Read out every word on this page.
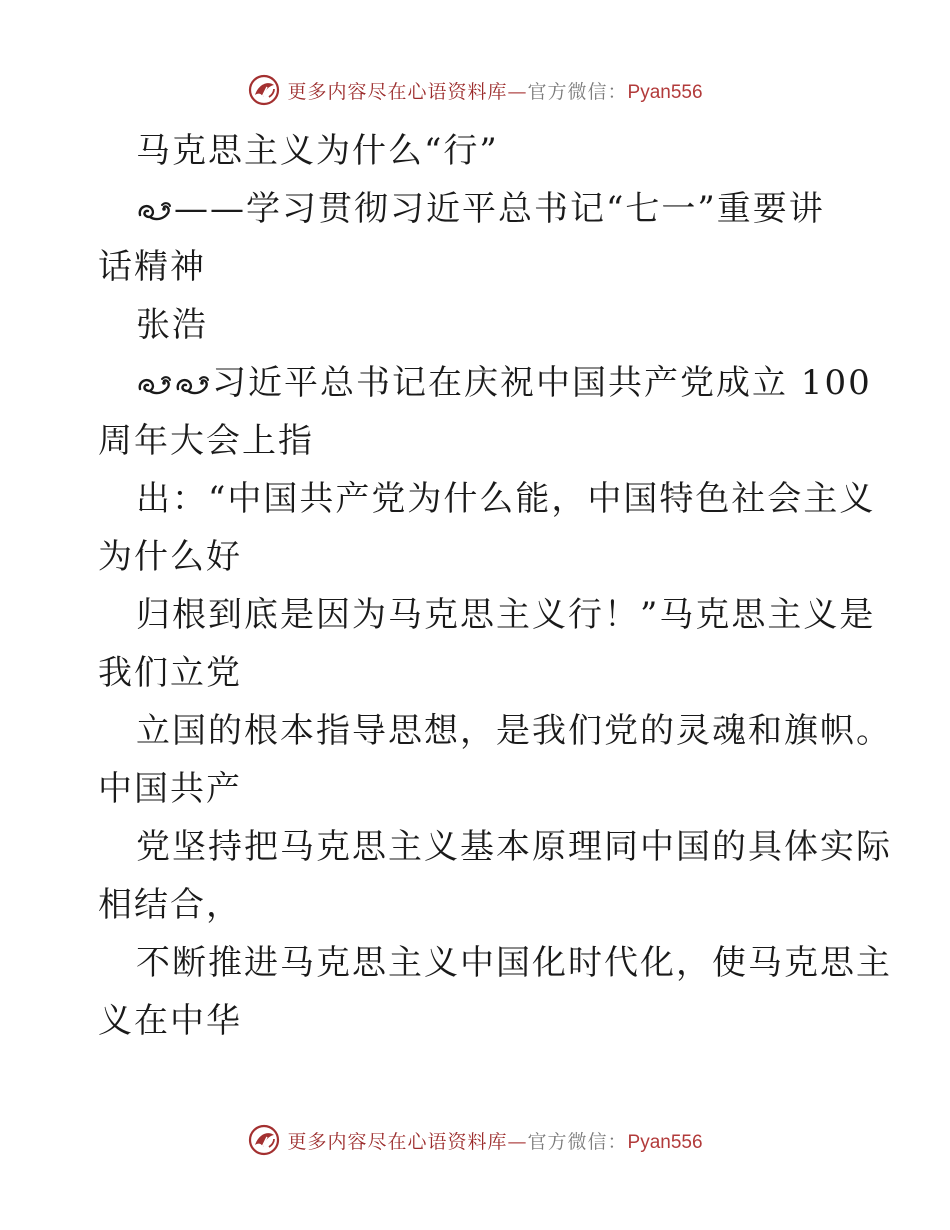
更多内容尽在心语资料库—官方微信：Pyan556
马克思主义为什么“行”
——学习贯彻习近平总书记“七一”重要讲
话精神
张浩
习近平总书记在庆祝中国共产党成立 100
周年大会上指
出：“中国共产党为什么能，中国特色社会主义
为什么好
归根到底是因为马克思主义行！”马克思主义是
我们立党
立国的根本指导思想，是我们党的灵魂和旗帜。
中国共产
党坚持把马克思主义基本原理同中国的具体实际
相结合，
不断推进马克思主义中国化时代化，使马克思主
义在中华
更多内容尽在心语资料库—官方微信：Pyan556
